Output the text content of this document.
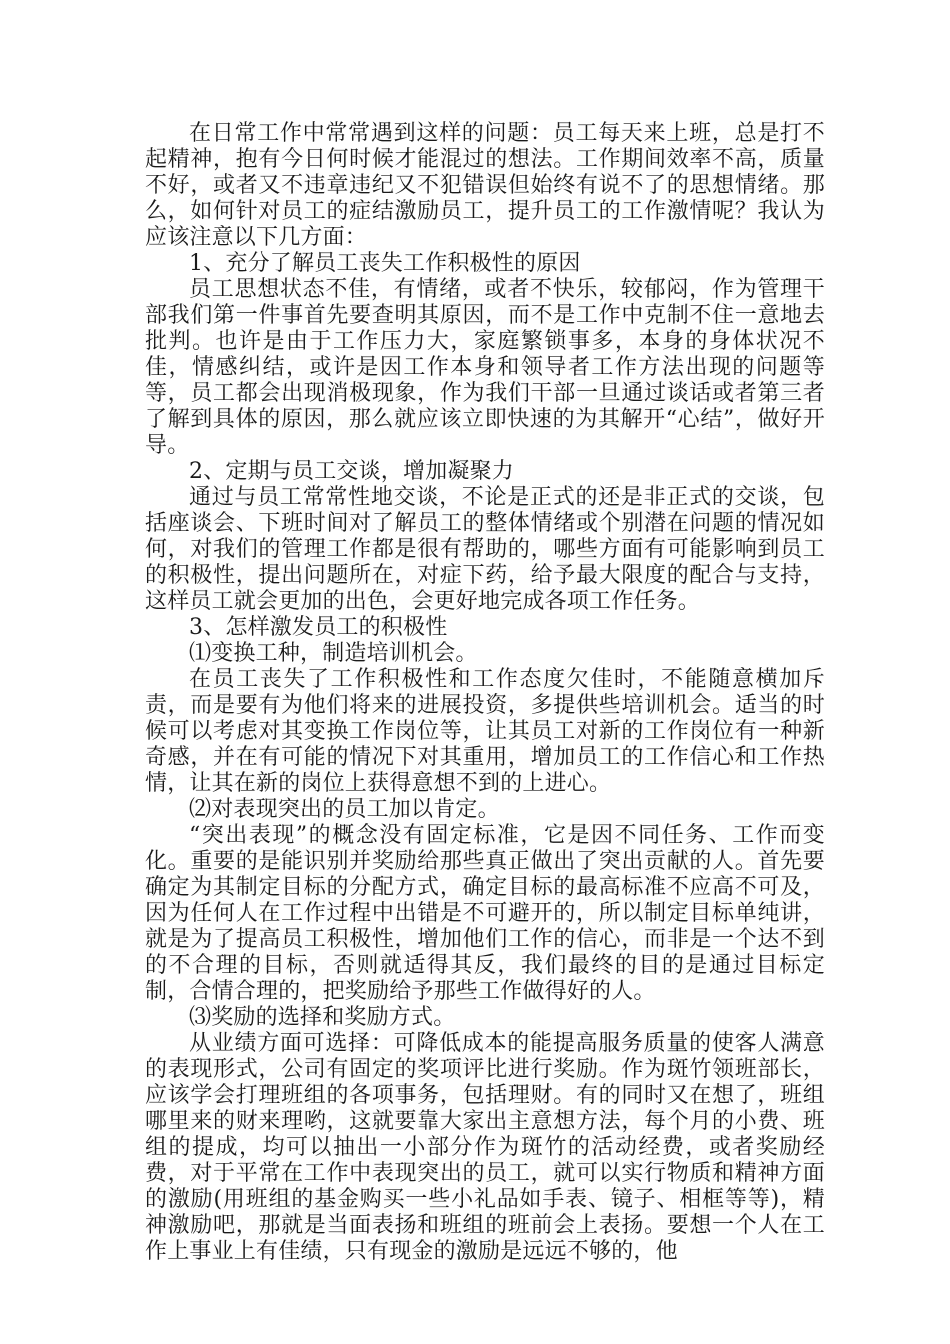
在日常工作中常常遇到这样的问题：员工每天来上班，总是打不起精神，抱有今日何时候才能混过的想法。工作期间效率不高，质量不好，或者又不违章违纪又不犯错误但始终有说不了的思想情绪。那么，如何针对员工的症结激励员工，提升员工的工作激情呢？我认为应该注意以下几方面：

1、充分了解员工丧失工作积极性的原因

员工思想状态不佳，有情绪，或者不快乐，较郁闷，作为管理干部我们第一件事首先要查明其原因，而不是工作中克制不住一意地去批判。也许是由于工作压力大，家庭繁锁事多，本身的身体状况不佳，情感纠结，或许是因工作本身和领导者工作方法出现的问题等等，员工都会出现消极现象，作为我们干部一旦通过谈话或者第三者了解到具体的原因，那么就应该立即快速的为其解开“心结”，做好开导。

2、定期与员工交谈，增加凝聚力

通过与员工常常性地交谈，不论是正式的还是非正式的交谈，包括座谈会、下班时间对了解员工的整体情绪或个别潜在问题的情况如何，对我们的管理工作都是很有帮助的，哪些方面有可能影响到员工的积极性，提出问题所在，对症下药，给予最大限度的配合与支持，这样员工就会更加的出色，会更好地完成各项工作任务。

3、怎样激发员工的积极性

⑴变换工种，制造培训机会。

在员工丧失了工作积极性和工作态度欠佳时，不能随意横加斥责，而是要有为他们将来的进展投资，多提供些培训机会。适当的时候可以考虑对其变换工作岗位等，让其员工对新的工作岗位有一种新奇感，并在有可能的情况下对其重用，增加员工的工作信心和工作热情，让其在新的岗位上获得意想不到的上进心。

⑵对表现突出的员工加以肯定。

“突出表现”的概念没有固定标准，它是因不同任务、工作而变化。重要的是能识别并奖励给那些真正做出了突出贡献的人。首先要确定为其制定目标的分配方式，确定目标的最高标准不应高不可及，因为任何人在工作过程中出错是不可避开的，所以制定目标单纯讲，就是为了提高员工积极性，增加他们工作的信心，而非是一个达不到的不合理的目标，否则就适得其反，我们最终的目的是通过目标定制，合情合理的，把奖励给予那些工作做得好的人。

⑶奖励的选择和奖励方式。

从业绩方面可选择：可降低成本的能提高服务质量的使客人满意的表现形式，公司有固定的奖项评比进行奖励。作为斑竹领班部长，应该学会打理班组的各项事务，包括理财。有的同时又在想了，班组哪里来的财来理哟，这就要靠大家出主意想方法，每个月的小费、班组的提成，均可以抽出一小部分作为斑竹的活动经费，或者奖励经费，对于平常在工作中表现突出的员工，就可以实行物质和精神方面的激励(用班组的基金购买一些小礼品如手表、镜子、相框等等)，精神激励吧，那就是当面表扬和班组的班前会上表扬。要想一个人在工作上事业上有佳绩，只有现金的激励是远远不够的，他
